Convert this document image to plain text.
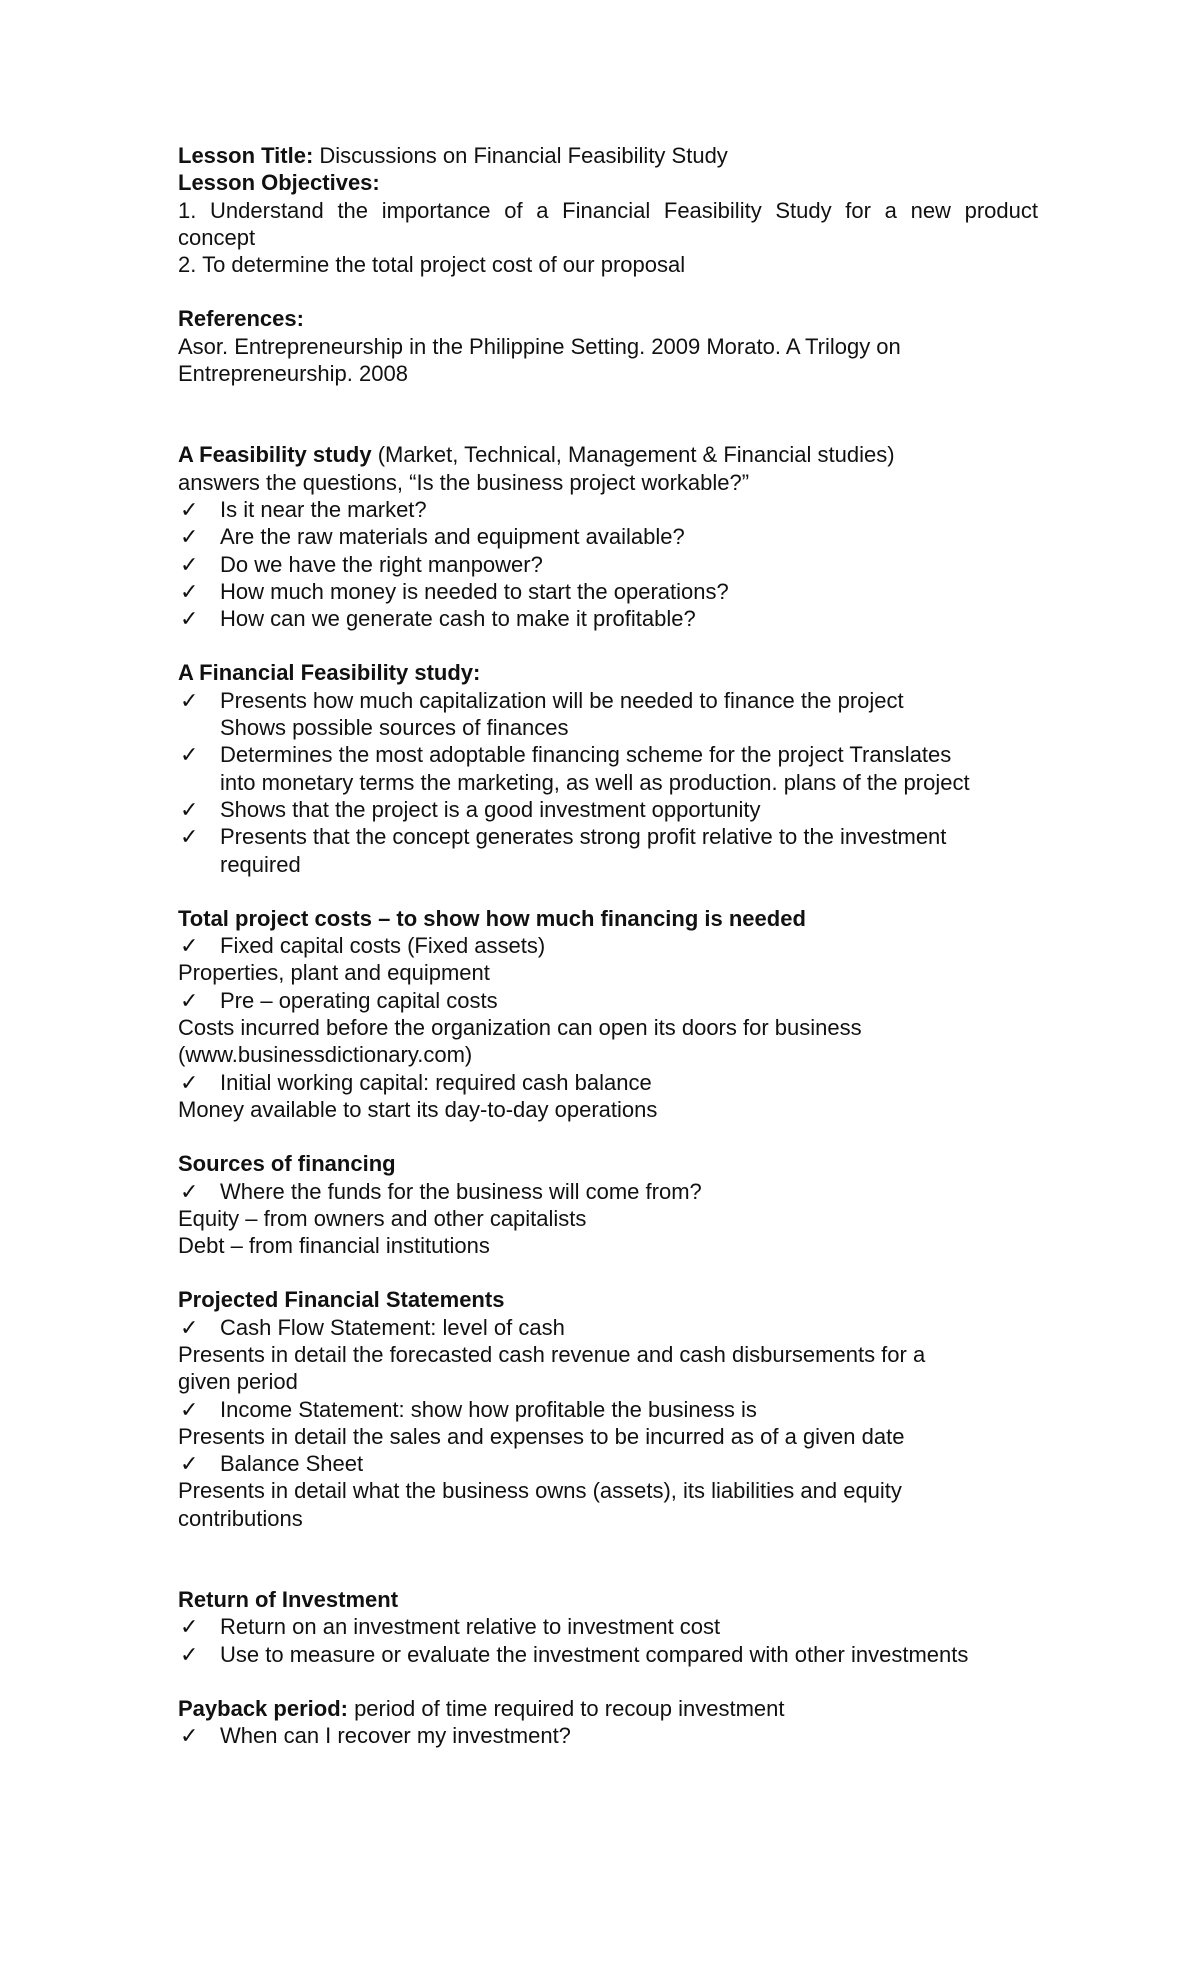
Lesson Title: Discussions on Financial Feasibility Study
Lesson Objectives:
1. Understand the importance of a Financial Feasibility Study for a new product
concept
2. To determine the total project cost of our proposal
References:
Asor. Entrepreneurship in the Philippine Setting. 2009 Morato. A Trilogy on
Entrepreneurship. 2008
A Feasibility study (Market, Technical, Management & Financial studies)
answers the questions, “Is the business project workable?”
✓ Is it near the market?
✓ Are the raw materials and equipment available?
✓ Do we have the right manpower?
✓ How much money is needed to start the operations?
✓ How can we generate cash to make it profitable?
A Financial Feasibility study:
✓ Presents how much capitalization will be needed to finance the project
Shows possible sources of finances
✓ Determines the most adoptable financing scheme for the project Translates
into monetary terms the marketing, as well as production. plans of the project
✓ Shows that the project is a good investment opportunity
✓ Presents that the concept generates strong profit relative to the investment
required
Total project costs – to show how much financing is needed
✓ Fixed capital costs (Fixed assets)
Properties, plant and equipment
✓ Pre – operating capital costs
Costs incurred before the organization can open its doors for business
(www.businessdictionary.com)
✓ Initial working capital: required cash balance
Money available to start its day-to-day operations
Sources of financing
✓ Where the funds for the business will come from?
Equity – from owners and other capitalists
Debt – from financial institutions
Projected Financial Statements
✓ Cash Flow Statement: level of cash
Presents in detail the forecasted cash revenue and cash disbursements for a
given period
✓ Income Statement: show how profitable the business is
Presents in detail the sales and expenses to be incurred as of a given date
✓ Balance Sheet
Presents in detail what the business owns (assets), its liabilities and equity
contributions
Return of Investment
✓ Return on an investment relative to investment cost
✓ Use to measure or evaluate the investment compared with other investments
Payback period: period of time required to recoup investment
✓ When can I recover my investment?
